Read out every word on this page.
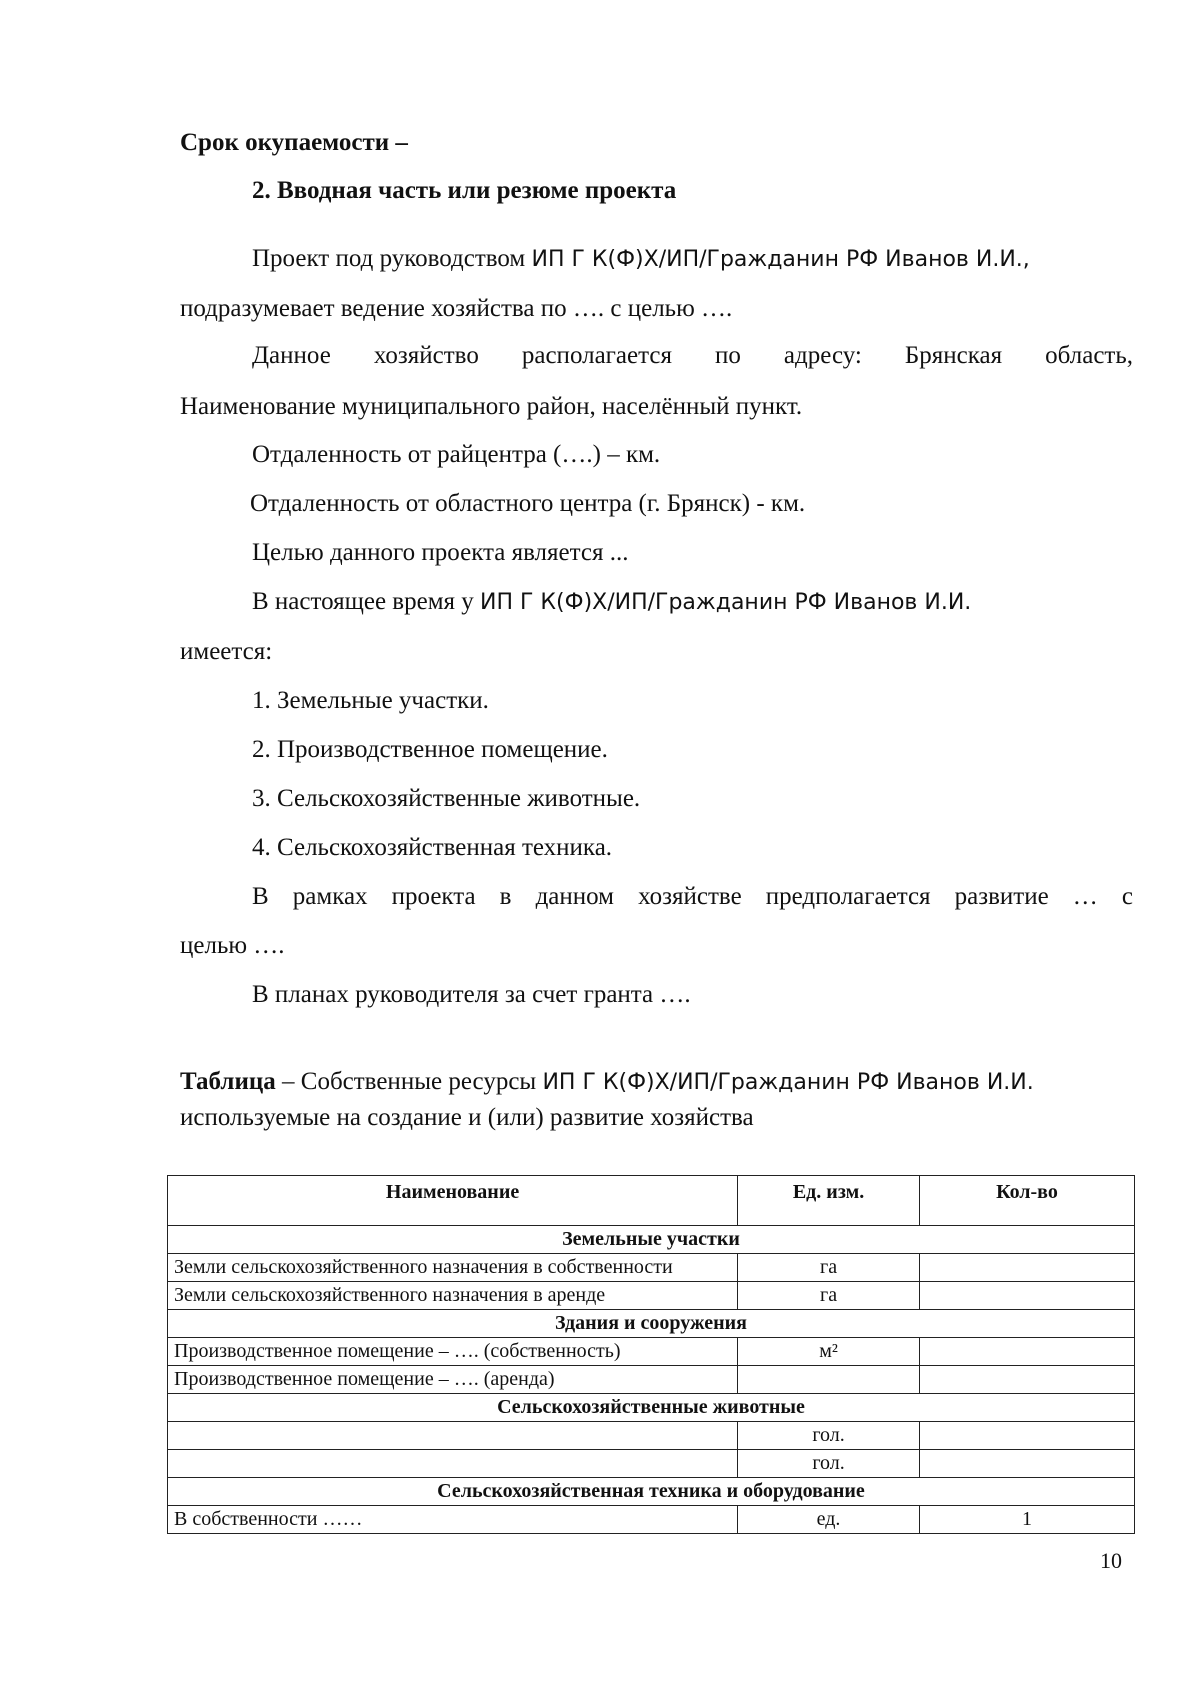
Срок окупаемости –
2. Вводная часть или резюме проекта
Проект под руководством ИП Г К(Ф)Х/ИП/Гражданин РФ Иванов И.И.,
подразумевает ведение хозяйства по …. с целью ….
Данное хозяйство располагается по адресу: Брянская область,
Наименование муниципального район, населённый пункт.
Отдаленность от райцентра (….) – км.
Отдаленность от областного центра (г. Брянск) - км.
Целью данного проекта является ...
В настоящее время у ИП Г К(Ф)Х/ИП/Гражданин РФ Иванов И.И.
имеется:
1. Земельные участки.
2. Производственное помещение.
3. Сельскохозяйственные животные.
4. Сельскохозяйственная техника.
В рамках проекта в данном хозяйстве предполагается развитие … с
целью ….
В планах руководителя за счет гранта ….
Таблица – Собственные ресурсы ИП Г К(Ф)Х/ИП/Гражданин РФ Иванов И.И.
используемые на создание и (или) развитие хозяйства
Наименование	Ед. изм.	Кол-во
Земельные участки		
Земли сельскохозяйственного назначения в собственности	га	
Земли сельскохозяйственного назначения в аренде	га	
Здания и сооружения		
Производственное помещение – …. (собственность)	м²	
Производственное помещение – …. (аренда)		
Сельскохозяйственные животные		
	гол.	
	гол.	
Сельскохозяйственная техника и оборудование		
В собственности ……	ед.	1
10
